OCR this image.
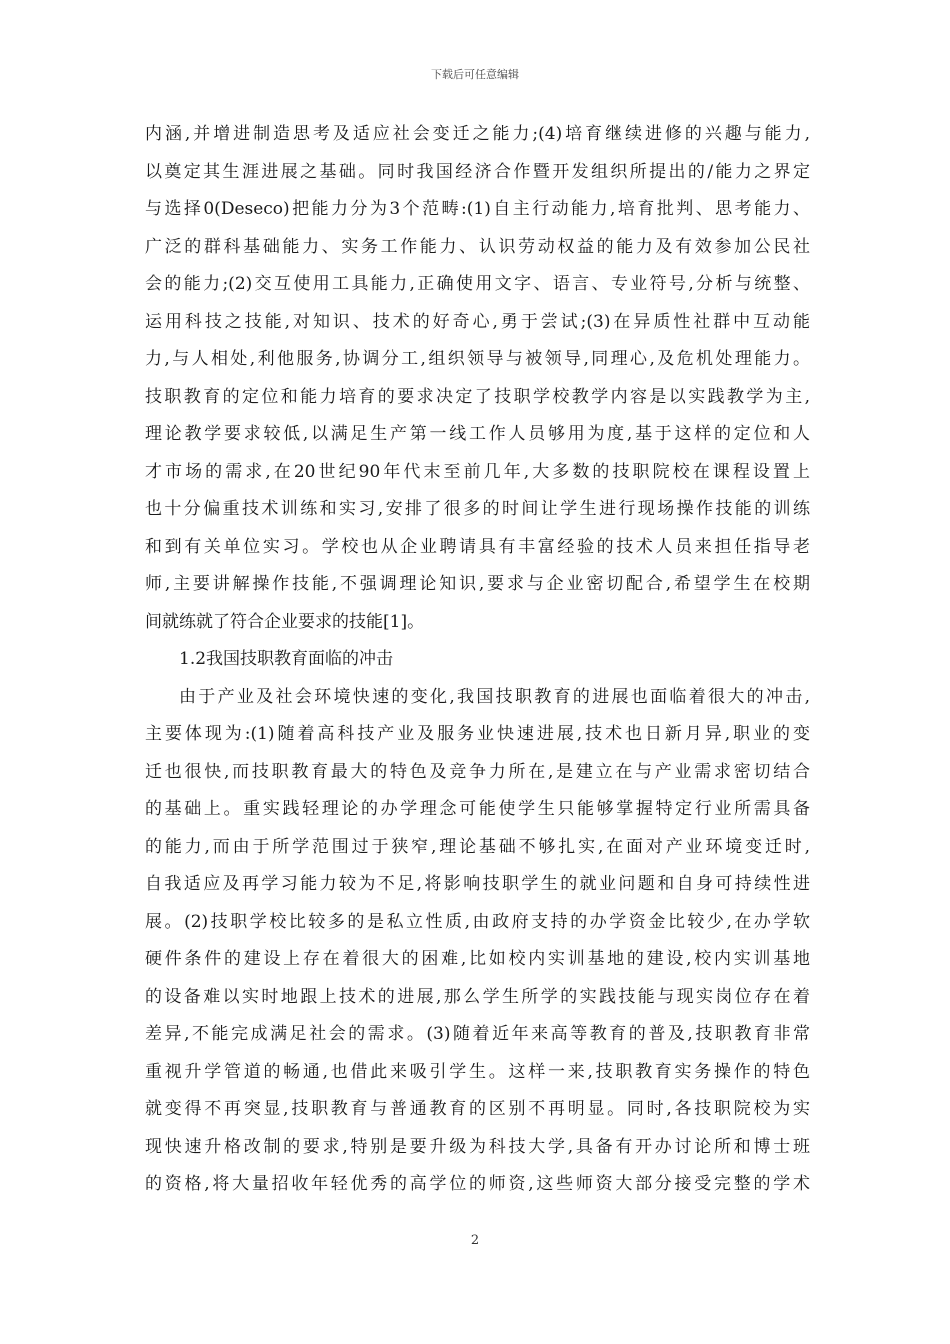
下载后可任意编辑
内涵,并增进制造思考及适应社会变迁之能力;(4)培育继续进修的兴趣与能力,
以奠定其生涯进展之基础。同时我国经济合作暨开发组织所提出的/能力之界定
与选择0(Deseco)把能力分为3个范畴:(1)自主行动能力,培育批判、思考能力、
广泛的群科基础能力、实务工作能力、认识劳动权益的能力及有效参加公民社
会的能力;(2)交互使用工具能力,正确使用文字、语言、专业符号,分析与统整、
运用科技之技能,对知识、技术的好奇心,勇于尝试;(3)在异质性社群中互动能
力,与人相处,利他服务,协调分工,组织领导与被领导,同理心,及危机处理能力。
技职教育的定位和能力培育的要求决定了技职学校教学内容是以实践教学为主,
理论教学要求较低,以满足生产第一线工作人员够用为度,基于这样的定位和人
才市场的需求,在20世纪90年代末至前几年,大多数的技职院校在课程设置上
也十分偏重技术训练和实习,安排了很多的时间让学生进行现场操作技能的训练
和到有关单位实习。学校也从企业聘请具有丰富经验的技术人员来担任指导老
师,主要讲解操作技能,不强调理论知识,要求与企业密切配合,希望学生在校期
间就练就了符合企业要求的技能[1]。
1.2我国技职教育面临的冲击
由于产业及社会环境快速的变化,我国技职教育的进展也面临着很大的冲击,
主要体现为:(1)随着高科技产业及服务业快速进展,技术也日新月异,职业的变
迁也很快,而技职教育最大的特色及竞争力所在,是建立在与产业需求密切结合
的基础上。重实践轻理论的办学理念可能使学生只能够掌握特定行业所需具备
的能力,而由于所学范围过于狭窄,理论基础不够扎实,在面对产业环境变迁时,
自我适应及再学习能力较为不足,将影响技职学生的就业问题和自身可持续性进
展。(2)技职学校比较多的是私立性质,由政府支持的办学资金比较少,在办学软
硬件条件的建设上存在着很大的困难,比如校内实训基地的建设,校内实训基地
的设备难以实时地跟上技术的进展,那么学生所学的实践技能与现实岗位存在着
差异,不能完成满足社会的需求。(3)随着近年来高等教育的普及,技职教育非常
重视升学管道的畅通,也借此来吸引学生。这样一来,技职教育实务操作的特色
就变得不再突显,技职教育与普通教育的区别不再明显。同时,各技职院校为实
现快速升格改制的要求,特别是要升级为科技大学,具备有开办讨论所和博士班
的资格,将大量招收年轻优秀的高学位的师资,这些师资大部分接受完整的学术
2
